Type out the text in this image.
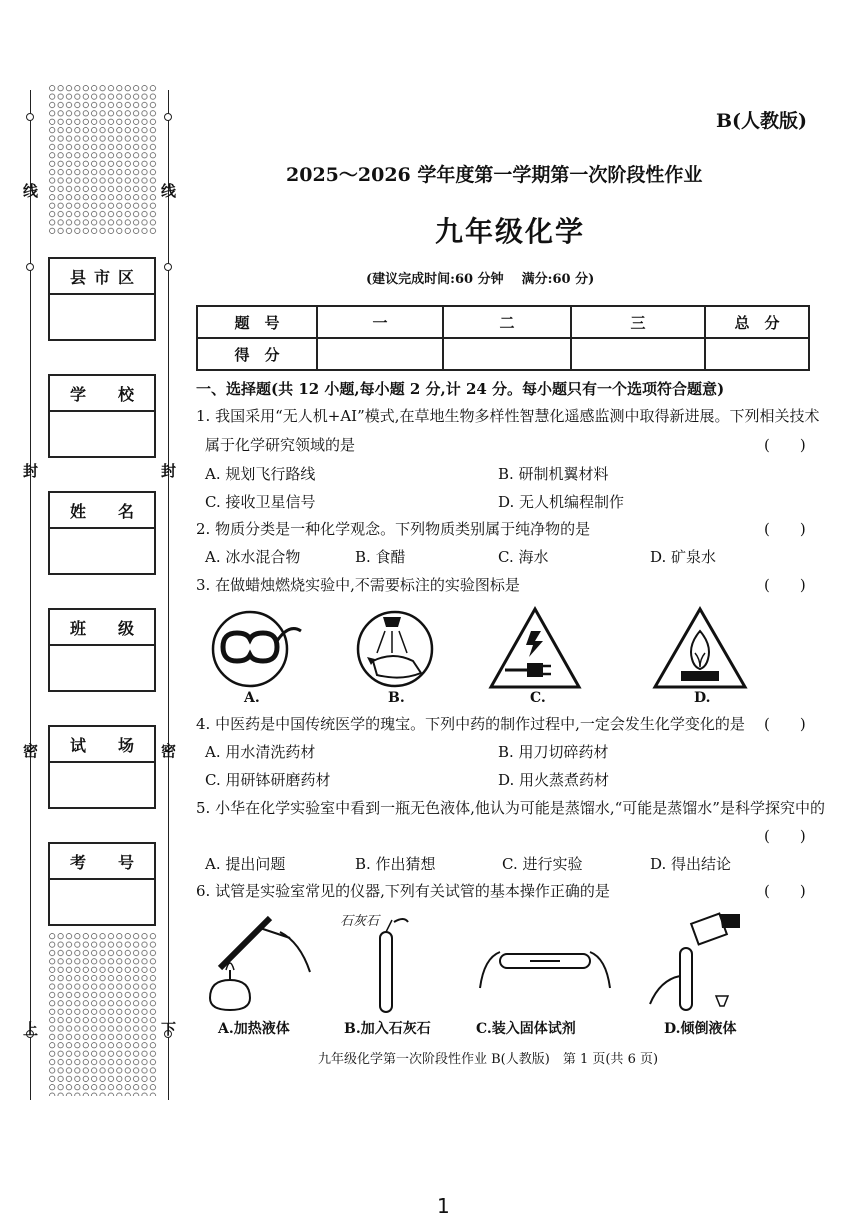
线
封
密
上
线
封
密
下
县 市 区
学 校
姓 名
班 级
试 场
考 号
B(人教版)
2025～2026 学年度第一学期第一次阶段性作业
九年级化学
(建议完成时间:60 分钟    满分:60 分)
题　号	一	二	三	总　分
得　分				
一、选择题(共 12 小题,每小题 2 分,计 24 分。每小题只有一个选项符合题意)
1. 我国采用“无人机+AI”模式,在草地生物多样性智慧化遥感监测中取得新进展。下列相关技术
属于化学研究领域的是	(　　)
A. 规划飞行路线	B. 研制机翼材料
C. 接收卫星信号	D. 无人机编程制作
2. 物质分类是一种化学观念。下列物质类别属于纯净物的是	(　　)
A. 冰水混合物	B. 食醋	C. 海水	D. 矿泉水
3. 在做蜡烛燃烧实验中,不需要标注的实验图标是	(　　)
A.	B.	C.	D.
4. 中医药是中国传统医学的瑰宝。下列中药的制作过程中,一定会发生化学变化的是 (　　)
A. 用水清洗药材	B. 用刀切碎药材
C. 用研钵研磨药材	D. 用火蒸煮药材
5. 小华在化学实验室中看到一瓶无色液体,他认为可能是蒸馏水,“可能是蒸馏水”是科学探究中的
(　　)
A. 提出问题	B. 作出猜想	C. 进行实验	D. 得出结论
6. 试管是实验室常见的仪器,下列有关试管的基本操作正确的是	(　　)
石灰石
A.加热液体	B.加入石灰石	C.装入固体试剂	D.倾倒液体
九年级化学第一次阶段性作业 B(人教版)　第 1 页(共 6 页)
1
